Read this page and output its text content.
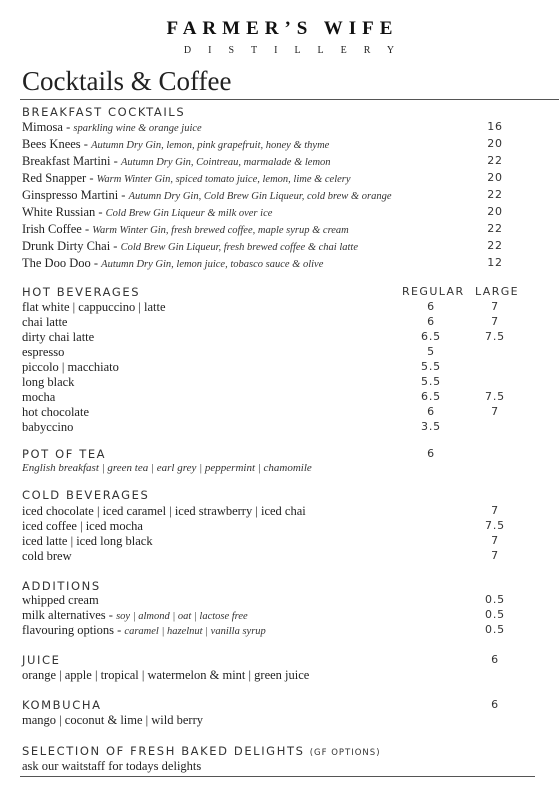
FARMER’S WIFE
DISTILLERY
Cocktails & Coffee
BREAKFAST COCKTAILS
Mimosa - sparkling wine & orange juice	16
Bees Knees - Autumn Dry Gin, lemon, pink grapefruit, honey & thyme	20
Breakfast Martini - Autumn Dry Gin, Cointreau, marmalade & lemon	22
Red Snapper - Warm Winter Gin, spiced tomato juice, lemon, lime & celery	20
Ginspresso Martini - Autumn Dry Gin, Cold Brew Gin Liqueur, cold brew & orange	22
White Russian - Cold Brew Gin Liqueur & milk over ice	20
Irish Coffee - Warm Winter Gin, fresh brewed coffee, maple syrup & cream	22
Drunk Dirty Chai - Cold Brew Gin Liqueur, fresh brewed coffee & chai latte	22
The Doo Doo - Autumn Dry Gin, lemon juice, tobasco sauce & olive	12
HOT BEVERAGES	REGULAR LARGE
flat white | cappuccino | latte	6	7
chai latte	6	7
dirty chai latte	6.5	7.5
espresso	5
piccolo | macchiato	5.5
long black	5.5
mocha	6.5	7.5
hot chocolate	6	7
babyccino	3.5
POT OF TEA	6
English breakfast | green tea | earl grey | peppermint | chamomile
COLD BEVERAGES
iced chocolate | iced caramel | iced strawberry | iced chai	7
iced coffee | iced mocha	7.5
iced latte | iced long black	7
cold brew	7
ADDITIONS
whipped cream	0.5
milk alternatives - soy | almond | oat | lactose free	0.5
flavouring options - caramel | hazelnut | vanilla syrup	0.5
JUICE	6
orange | apple | tropical | watermelon & mint | green juice
KOMBUCHA	6
mango | coconut & lime | wild berry
SELECTION OF FRESH BAKED DELIGHTS (GF OPTIONS)
ask our waitstaff for todays delights
